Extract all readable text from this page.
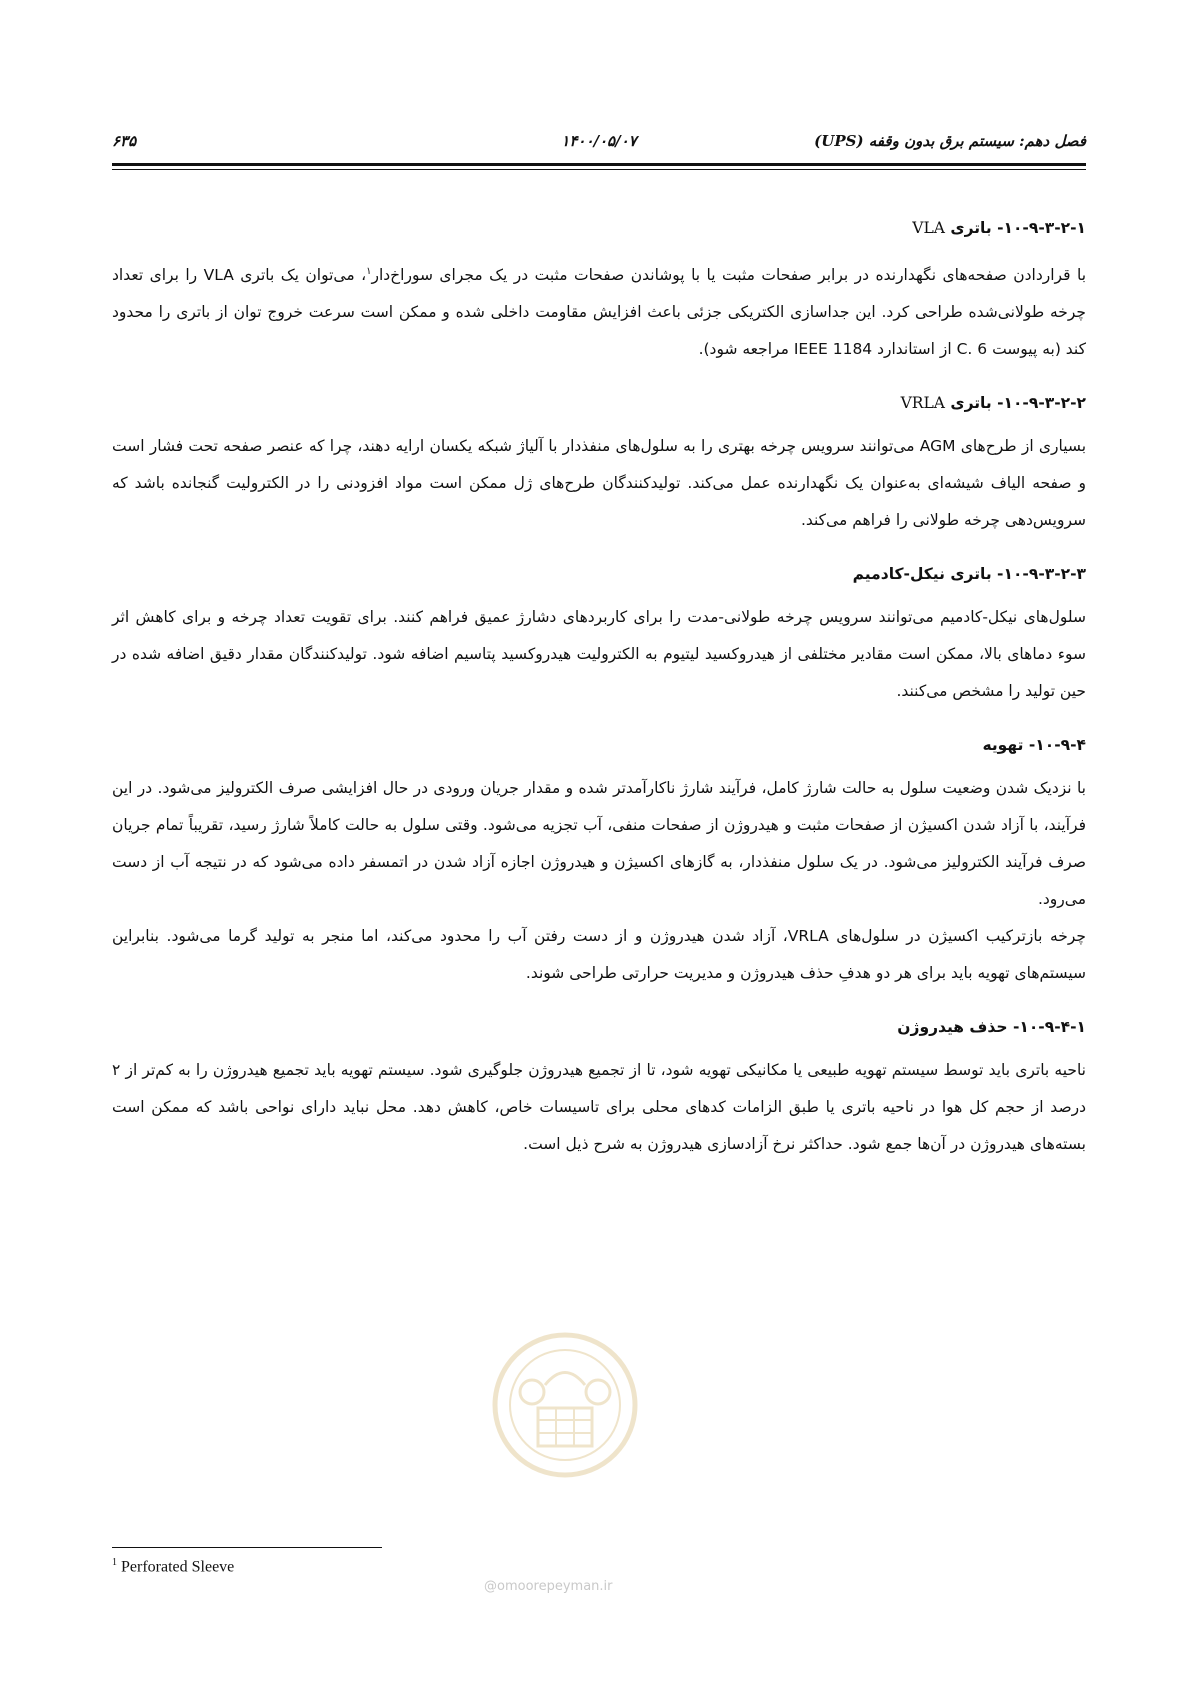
فصل دهم: سیستم برق بدون وقفه (UPS)
۱۴۰۰/۰۵/۰۷
۶۳۵
۱۰-۹-۳-۲-۱- باتری VLA

با قراردادن صفحه‌های نگهدارنده در برابر صفحات مثبت یا با پوشاندن صفحات مثبت در یک مجرای سوراخ‌دار$^۱$، می‌توان یک باتری VLA را برای تعداد چرخه طولانی‌شده طراحی کرد. این جداسازی الکتریکی جزئی باعث افزایش مقاومت داخلی شده و ممکن است سرعت خروج توان از باتری را محدود کند (به پیوست C. 6 از استاندارد IEEE 1184 مراجعه شود).

۱۰-۹-۳-۲-۲- باتری VRLA

بسیاری از طرح‌های AGM می‌توانند سرویس چرخه بهتری را به سلول‌های منفذدار با آلیاژ شبکه یکسان ارایه دهند، چرا که عنصر صفحه تحت فشار است و صفحه الیاف شیشه‌ای به‌عنوان یک نگهدارنده عمل می‌کند. تولیدکنندگان طرح‌های ژل ممکن است مواد افزودنی را در الکترولیت گنجانده باشد که سرویس‌دهی چرخه طولانی را فراهم می‌کند.

۱۰-۹-۳-۲-۳- باتری نیکل-کادمیم

سلول‌های نیکل-کادمیم می‌توانند سرویس چرخه طولانی-مدت را برای کاربردهای دشارژ عمیق فراهم کنند. برای تقویت تعداد چرخه و برای کاهش اثر سوء دماهای بالا، ممکن است مقادیر مختلفی از هیدروکسید لیتیوم به الکترولیت هیدروکسید پتاسیم اضافه شود. تولیدکنندگان مقدار دقیق اضافه شده در حین تولید را مشخص می‌کنند.

۱۰-۹-۴- تهویه

با نزدیک شدن وضعیت سلول به حالت شارژ کامل، فرآیند شارژ ناکارآمدتر شده و مقدار جریان ورودی در حال افزایشی صرف الکترولیز می‌شود. در این فرآیند، با آزاد شدن اکسیژن از صفحات مثبت و هیدروژن از صفحات منفی، آب تجزیه می‌شود. وقتی سلول به حالت کاملاً شارژ رسید، تقریباً تمام جریان صرف فرآیند الکترولیز می‌شود. در یک سلول منفذدار، به گازهای اکسیژن و هیدروژن اجازه آزاد شدن در اتمسفر داده می‌شود که در نتیجه آب از دست می‌رود.

چرخه بازترکیب اکسیژن در سلول‌های VRLA، آزاد شدن هیدروژن و از دست رفتن آب را محدود می‌کند، اما منجر به تولید گرما می‌شود. بنابراین سیستم‌های تهویه باید برای هر دو هدفِ حذف هیدروژن و مدیریت حرارتی طراحی شوند.

۱۰-۹-۴-۱- حذف هیدروژن

ناحیه باتری باید توسط سیستم تهویه طبیعی یا مکانیکی تهویه شود، تا از تجمیع هیدروژن جلوگیری شود. سیستم تهویه باید تجمیع هیدروژن را به کم‌تر از ۲ درصد از حجم کل هوا در ناحیه باتری یا طبق الزامات کدهای محلی برای تاسیسات خاص، کاهش دهد. محل نباید دارای نواحی باشد که ممکن است بسته‌های هیدروژن در آن‌ها جمع شود. حداکثر نرخ آزادسازی هیدروژن به شرح ذیل است.

@omoorepeyman.ir
$^1$ Perforated Sleeve
